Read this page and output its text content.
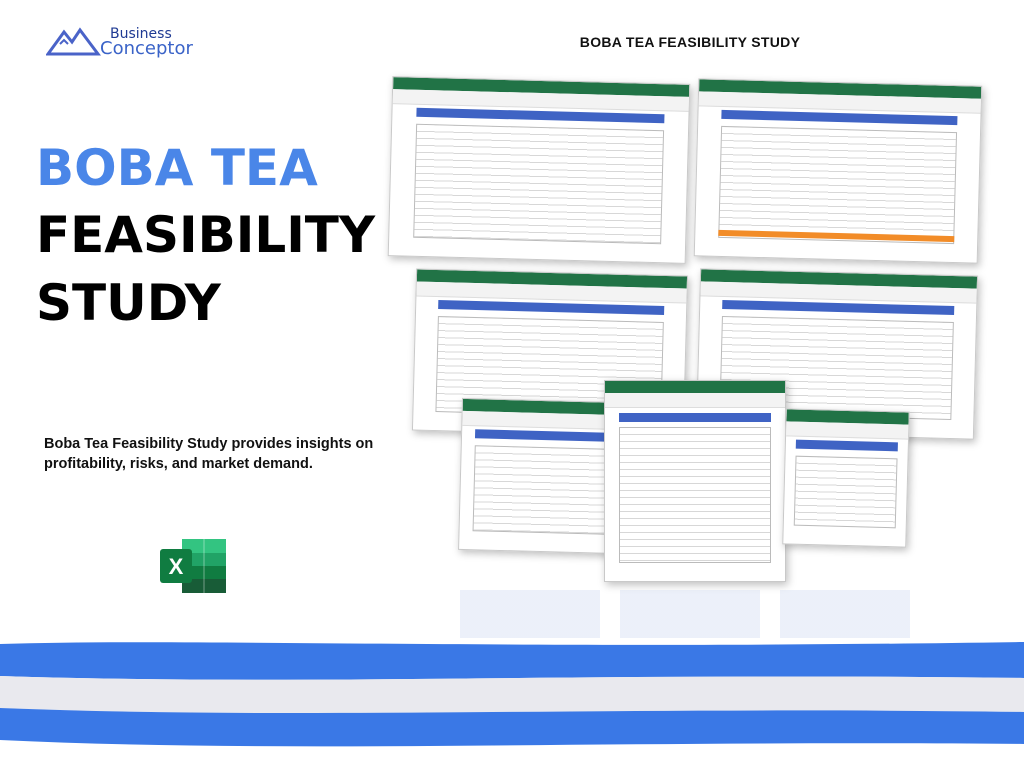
Business
Conceptor	BOBA TEA FEASIBILITY STUDY
BOBA TEA
FEASIBILITY
STUDY
Boba Tea Feasibility Study provides insights on profitability, risks, and market demand.
X
